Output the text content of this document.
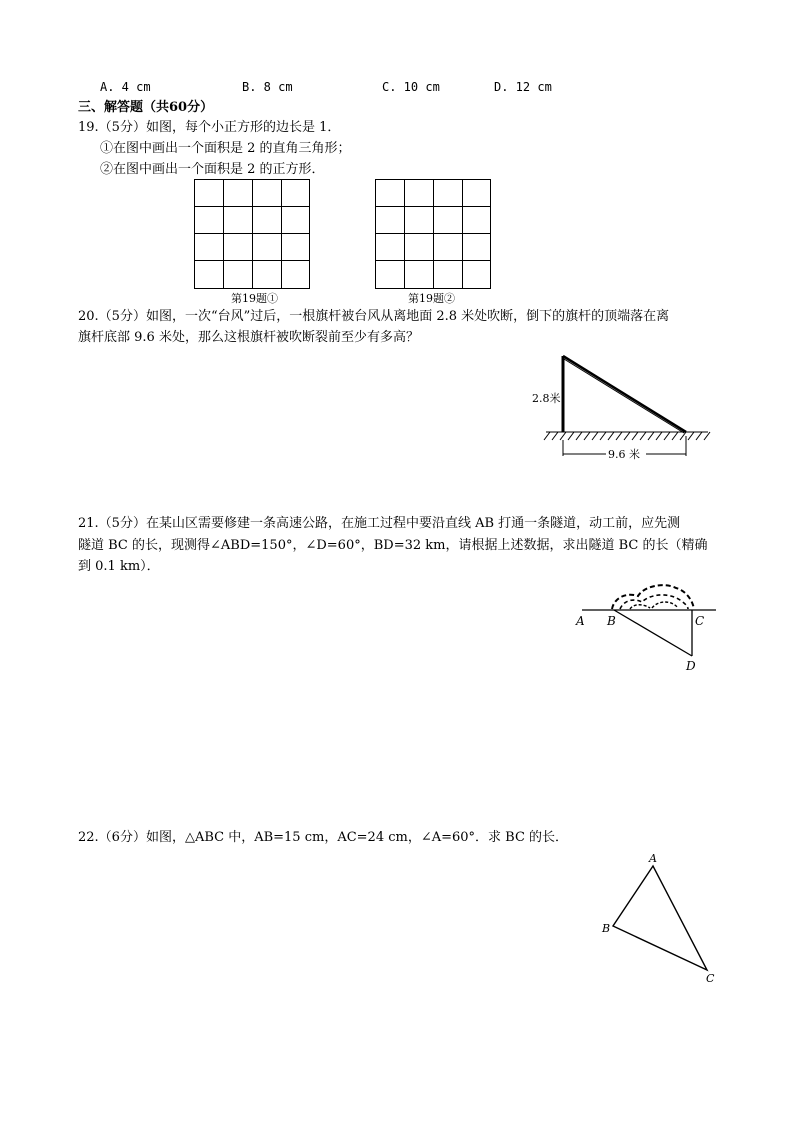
A. 4 cm	B. 8 cm	C. 10 cm	D. 12 cm
三、解答题（共60分）
19.（5分）如图，每个小正方形的边长是 1．
①在图中画出一个面积是 2 的直角三角形；
②在图中画出一个面积是 2 的正方形．
第19题①	第19题②
20.（5分）如图，一次“台风”过后，一根旗杆被台风从离地面 2.8 米处吹断，倒下的旗杆的顶端落在离
旗杆底部 9.6 米处，那么这根旗杆被吹断裂前至少有多高？
9.6 米
2.8米
21.（5分）在某山区需要修建一条高速公路，在施工过程中要沿直线 AB 打通一条隧道，动工前，应先测
隧道 BC 的长，现测得∠ABD=150°，∠D=60°，BD=32 km，请根据上述数据，求出隧道 BC 的长（精确
到 0.1 km）．
A B	C
D
22.（6分）如图，△ABC 中，AB=15 cm，AC=24 cm，∠A=60°．求 BC 的长．
A
B
C
